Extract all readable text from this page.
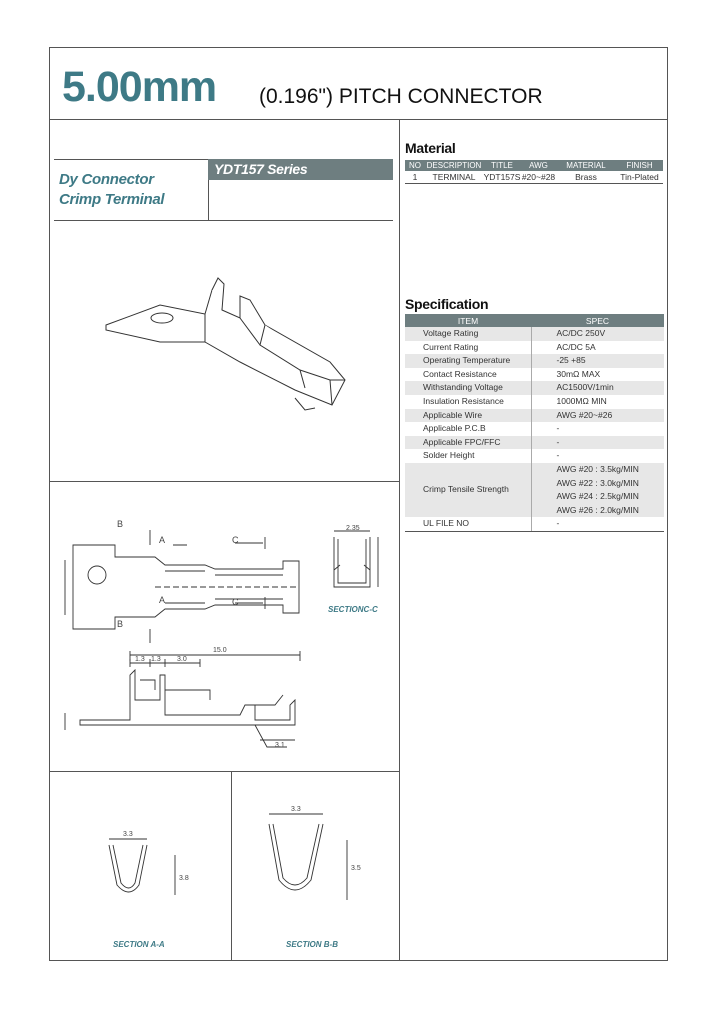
5.00mm (0.196") PITCH CONNECTOR
Dy Connector
Crimp Terminal
YDT157 Series
Material
NO	DESCRIPTION	TITLE	AWG	MATERIAL	FINISH
1	TERMINAL	YDT157S	#20~#28	Brass	Tin-Plated
Specification
ITEM	SPEC
Voltage Rating	AC/DC 250V
Current Rating	AC/DC 5A
Operating Temperature	-25 +85
Contact Resistance	30mΩ MAX
Withstanding Voltage	AC1500V/1min
Insulation Resistance	1000MΩ MIN
Applicable Wire	AWG #20~#26
Applicable P.C.B	-
Applicable FPC/FFC	-
Solder Height	-
Crimp Tensile Strength	AWG #20 : 3.5kg/MIN
AWG #22 : 3.0kg/MIN
AWG #24 : 2.5kg/MIN
AWG #26 : 2.0kg/MIN

UL FILE NO	-
B
B
A
A
C
C
15.0
1.3 1.3 3.0
3.1
2.35
SECTIONC-C
3.3
3.8
SECTION A-A
3.3
3.5
SECTION B-B
